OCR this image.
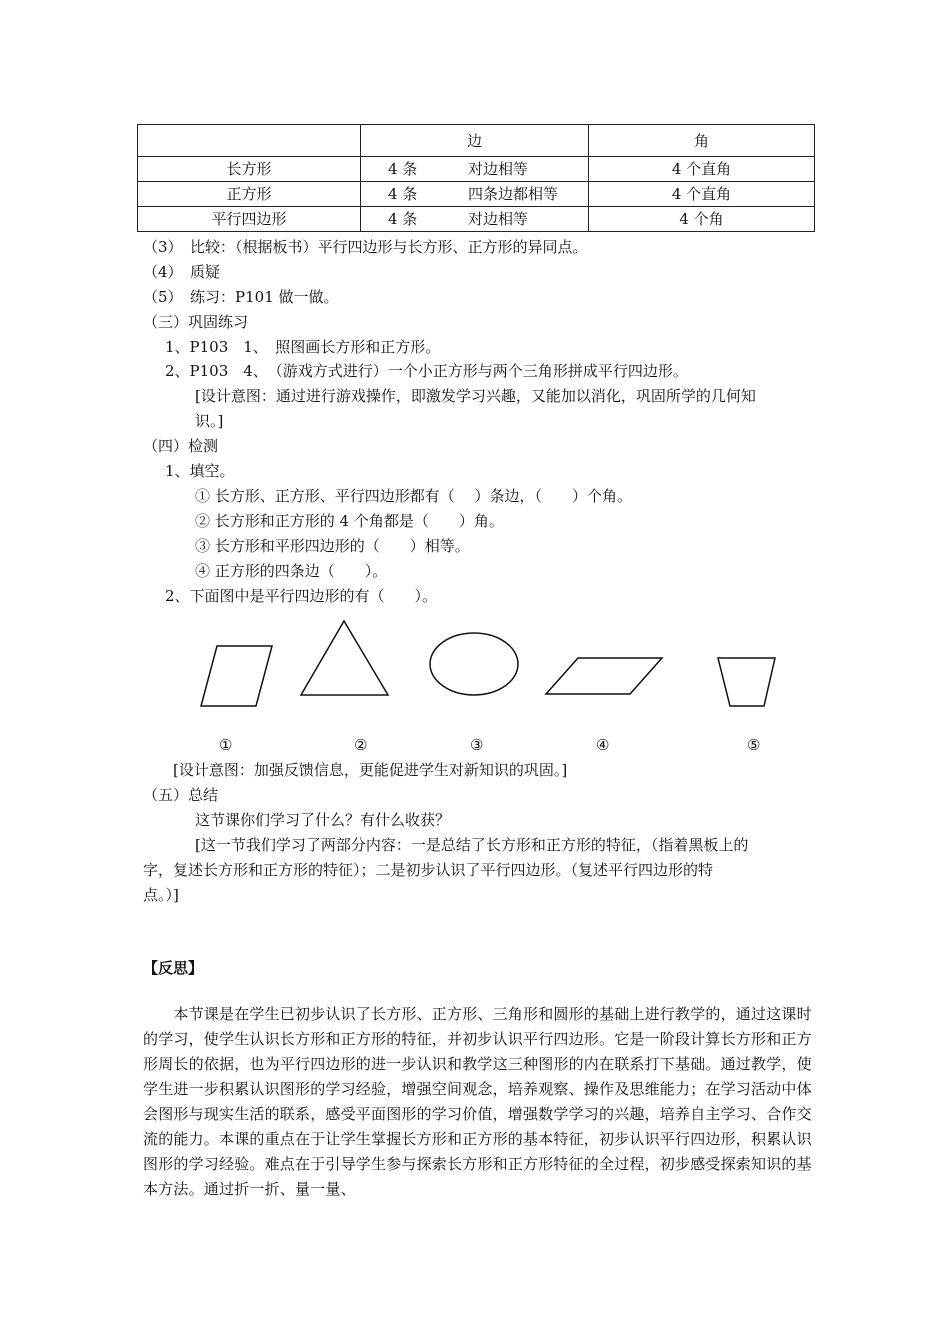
	边	角
长方形	4 条 对边相等	4 个直角
正方形	4 条 四条边都相等	4 个直角
平行四边形	4 条 对边相等	4 个角
（3）　比较：（根据板书）平行四边形与长方形、正方形的异同点。
（4）　质疑
（5）　练习：P101 做一做。
（三）巩固练习
1、P103　1、　照图画长方形和正方形。
2、P103　4、　（游戏方式进行）一个小正方形与两个三角形拼成平行四边形。
[设计意图：通过进行游戏操作，即激发学习兴趣，又能加以消化，巩固所学的几何知
识。]
（四）检测
1、填空。
① 长方形、正方形、平行四边形都有（　 ）条边，（　　）个角。
② 长方形和正方形的 4 个角都是（　　）角。
③ 长方形和平形四边形的（　　）相等。
④ 正方形的四条边（　　）。
2、下面图中是平行四边形的有（　　）。
①	②	③	④	⑤
[设计意图：加强反馈信息，更能促进学生对新知识的巩固。]
（五）总结
这节课你们学习了什么？有什么收获？
[这一节我们学习了两部分内容：一是总结了长方形和正方形的特征，（指着黑板上的
字，复述长方形和正方形的特征）；二是初步认识了平行四边形。（复述平行四边形的特
点。）]
【反思】
　　本节课是在学生已初步认识了长方形、正方形、三角形和圆形的基础上进行教学的，通过这课时的学习，使学生认识长方形和正方形的特征，并初步认识平行四边形。它是一阶段计算长方形和正方形周长的依据，也为平行四边形的进一步认识和教学这三种图形的内在联系打下基础。通过教学，使学生进一步积累认识图形的学习经验，增强空间观念，培养观察、操作及思维能力；在学习活动中体会图形与现实生活的联系，感受平面图形的学习价值，增强数学学习的兴趣，培养自主学习、合作交流的能力。本课的重点在于让学生掌握长方形和正方形的基本特征，初步认识平行四边形，积累认识图形的学习经验。难点在于引导学生参与探索长方形和正方形特征的全过程，初步感受探索知识的基本方法。通过折一折、量一量、
